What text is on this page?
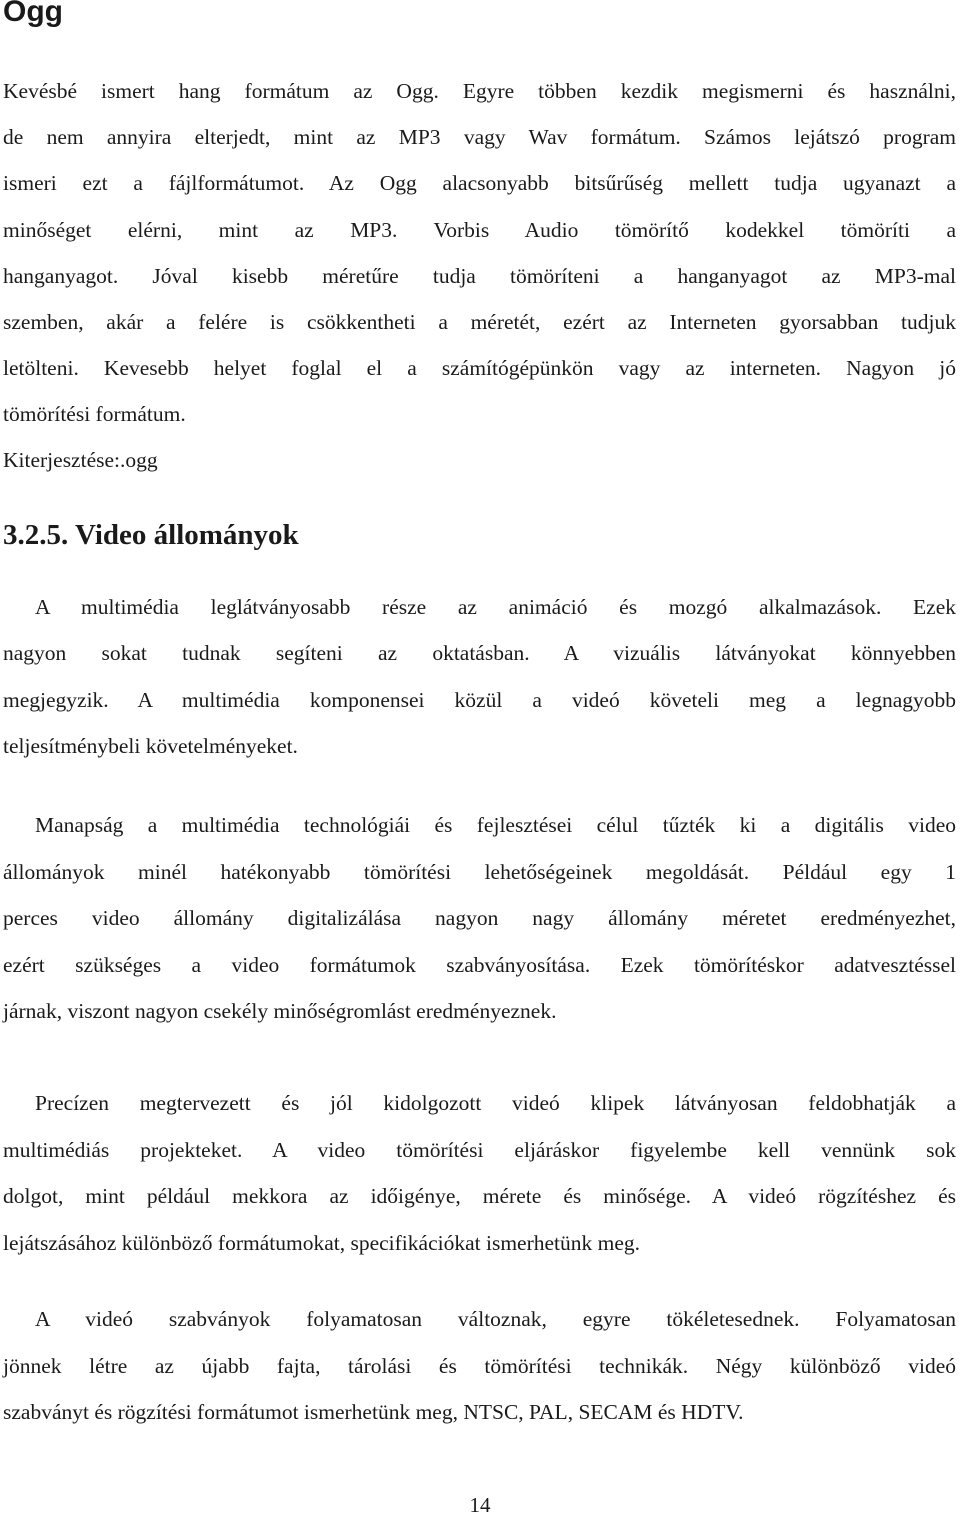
Ogg

Kevésbé ismert hang formátum az Ogg. Egyre többen kezdik megismerni és használni,
de nem annyira elterjedt, mint az MP3 vagy Wav formátum. Számos lejátszó program
ismeri ezt a fájlformátumot. Az Ogg alacsonyabb bitsűrűség mellett tudja ugyanazt a
minőséget elérni, mint az MP3. Vorbis Audio tömörítő kodekkel tömöríti a
hanganyagot. Jóval kisebb méretűre tudja tömöríteni a hanganyagot az MP3-mal
szemben, akár a felére is csökkentheti a méretét, ezért az Interneten gyorsabban tudjuk
letölteni. Kevesebb helyet foglal el a számítógépünkön vagy az interneten. Nagyon jó
tömörítési formátum.

Kiterjesztése:.ogg

3.2.5. Video állományok

A multimédia leglátványosabb része az animáció és mozgó alkalmazások. Ezek
nagyon sokat tudnak segíteni az oktatásban. A vizuális látványokat könnyebben
megjegyzik. A multimédia komponensei közül a videó követeli meg a legnagyobb
teljesítménybeli követelményeket.

Manapság a multimédia technológiái és fejlesztései célul tűzték ki a digitális video
állományok minél hatékonyabb tömörítési lehetőségeinek megoldását. Például egy 1
perces video állomány digitalizálása nagyon nagy állomány méretet eredményezhet,
ezért szükséges a video formátumok szabványosítása. Ezek tömörítéskor adatvesztéssel
járnak, viszont nagyon csekély minőségromlást eredményeznek.

Precízen megtervezett és jól kidolgozott videó klipek látványosan feldobhatják a
multimédiás projekteket. A video tömörítési eljáráskor figyelembe kell vennünk sok
dolgot, mint például mekkora az időigénye, mérete és minősége. A videó rögzítéshez és
lejátszásához különböző formátumokat, specifikációkat ismerhetünk meg.

A videó szabványok folyamatosan változnak, egyre tökéletesednek. Folyamatosan
jönnek létre az újabb fajta, tárolási és tömörítési technikák. Négy különböző videó
szabványt és rögzítési formátumot ismerhetünk meg, NTSC, PAL, SECAM és HDTV.

14
